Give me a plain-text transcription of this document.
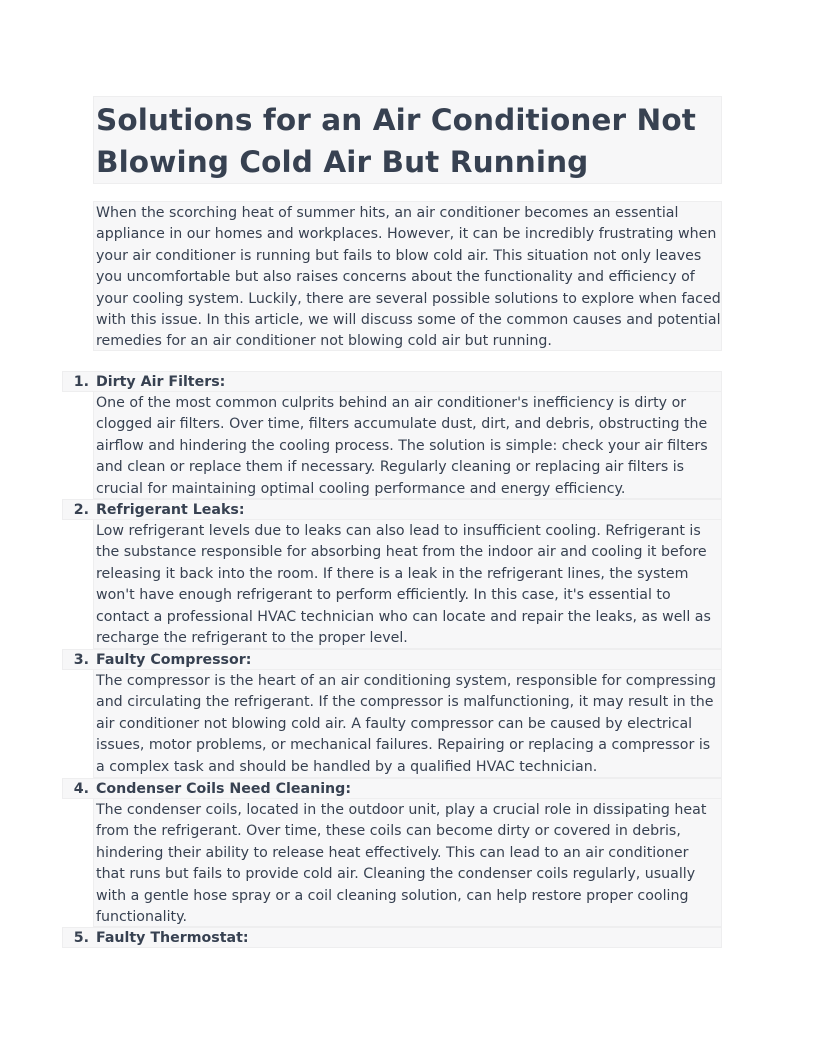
Solutions for an Air Conditioner Not Blowing Cold Air But Running

When the scorching heat of summer hits, an air conditioner becomes an essential appliance in our homes and workplaces. However, it can be incredibly frustrating when your air conditioner is running but fails to blow cold air. This situation not only leaves you uncomfortable but also raises concerns about the functionality and efficiency of your cooling system. Luckily, there are several possible solutions to explore when faced with this issue. In this article, we will discuss some of the common causes and potential remedies for an air conditioner not blowing cold air but running.

1. Dirty Air Filters:
One of the most common culprits behind an air conditioner's inefficiency is dirty or clogged air filters. Over time, filters accumulate dust, dirt, and debris, obstructing the airflow and hindering the cooling process. The solution is simple: check your air filters and clean or replace them if necessary. Regularly cleaning or replacing air filters is crucial for maintaining optimal cooling performance and energy efficiency.
2. Refrigerant Leaks:
Low refrigerant levels due to leaks can also lead to insufficient cooling. Refrigerant is the substance responsible for absorbing heat from the indoor air and cooling it before releasing it back into the room. If there is a leak in the refrigerant lines, the system won't have enough refrigerant to perform efficiently. In this case, it's essential to contact a professional HVAC technician who can locate and repair the leaks, as well as recharge the refrigerant to the proper level.
3. Faulty Compressor:
The compressor is the heart of an air conditioning system, responsible for compressing and circulating the refrigerant. If the compressor is malfunctioning, it may result in the air conditioner not blowing cold air. A faulty compressor can be caused by electrical issues, motor problems, or mechanical failures. Repairing or replacing a compressor is a complex task and should be handled by a qualified HVAC technician.
4. Condenser Coils Need Cleaning:
The condenser coils, located in the outdoor unit, play a crucial role in dissipating heat from the refrigerant. Over time, these coils can become dirty or covered in debris, hindering their ability to release heat effectively. This can lead to an air conditioner that runs but fails to provide cold air. Cleaning the condenser coils regularly, usually with a gentle hose spray or a coil cleaning solution, can help restore proper cooling functionality.
5. Faulty Thermostat:
